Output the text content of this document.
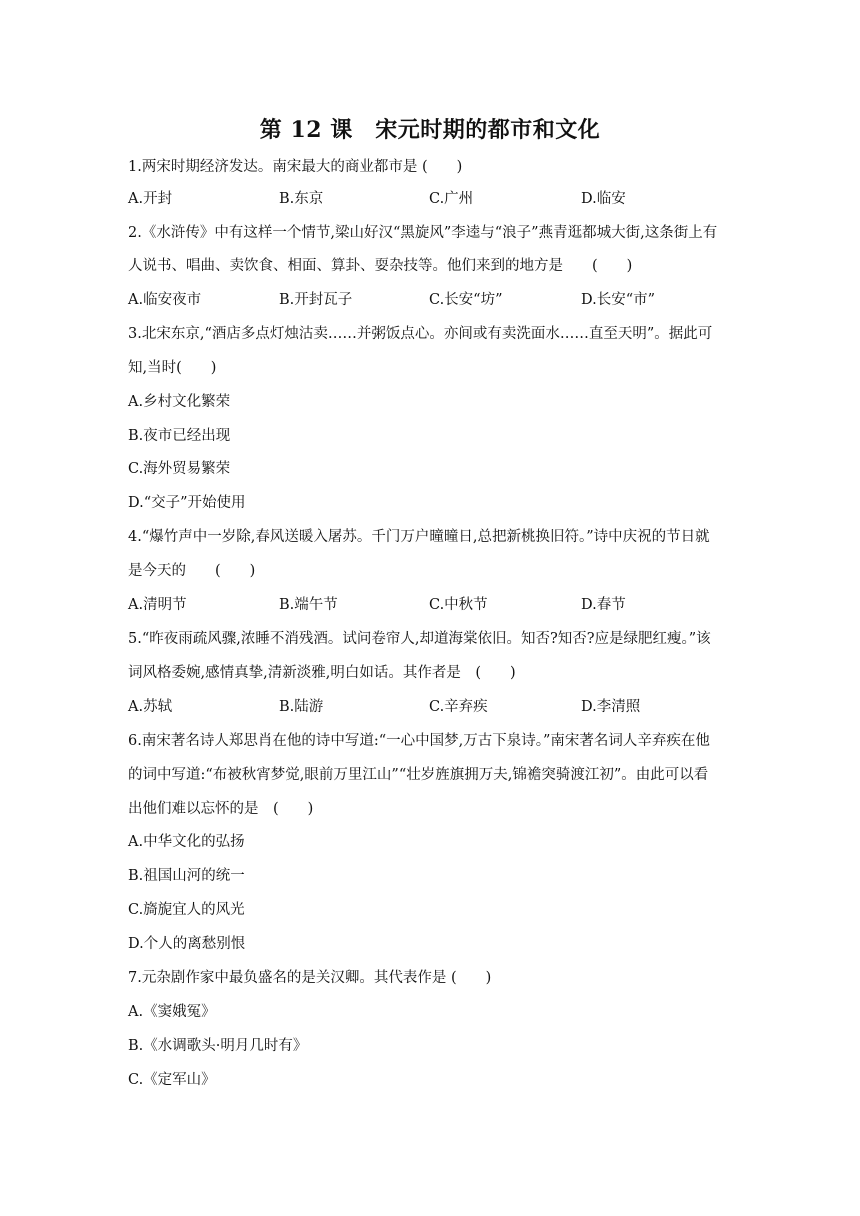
第 12 课　宋元时期的都市和文化
1.两宋时期经济发达。南宋最大的商业都市是 (　　)
A.开封	B.东京	C.广州	D.临安
2.《水浒传》中有这样一个情节,梁山好汉“黑旋风”李逵与“浪子”燕青逛都城大街,这条街上有
人说书、唱曲、卖饮食、相面、算卦、耍杂技等。他们来到的地方是　　(　　)
A.临安夜市	B.开封瓦子	C.长安“坊”	D.长安“市”
3.北宋东京,“酒店多点灯烛沽卖……并粥饭点心。亦间或有卖洗面水……直至天明”。据此可
知,当时(　　)
A.乡村文化繁荣
B.夜市已经出现
C.海外贸易繁荣
D.“交子”开始使用
4.“爆竹声中一岁除,春风送暖入屠苏。千门万户曈曈日,总把新桃换旧符。”诗中庆祝的节日就
是今天的　　(　　)
A.清明节	B.端午节	C.中秋节	D.春节
5.“昨夜雨疏风骤,浓睡不消残酒。试问卷帘人,却道海棠依旧。知否?知否?应是绿肥红瘦。”该
词风格委婉,感情真挚,清新淡雅,明白如话。其作者是　(　　)
A.苏轼	B.陆游	C.辛弃疾	D.李清照
6.南宋著名诗人郑思肖在他的诗中写道:“一心中国梦,万古下泉诗。”南宋著名词人辛弃疾在他
的词中写道:“布被秋宵梦觉,眼前万里江山”“壮岁旌旗拥万夫,锦襜突骑渡江初”。由此可以看
出他们难以忘怀的是　(　　)
A.中华文化的弘扬
B.祖国山河的统一
C.旖旎宜人的风光
D.个人的离愁别恨
7.元杂剧作家中最负盛名的是关汉卿。其代表作是 (　　)
A.《窦娥冤》
B.《水调歌头·明月几时有》
C.《定军山》
